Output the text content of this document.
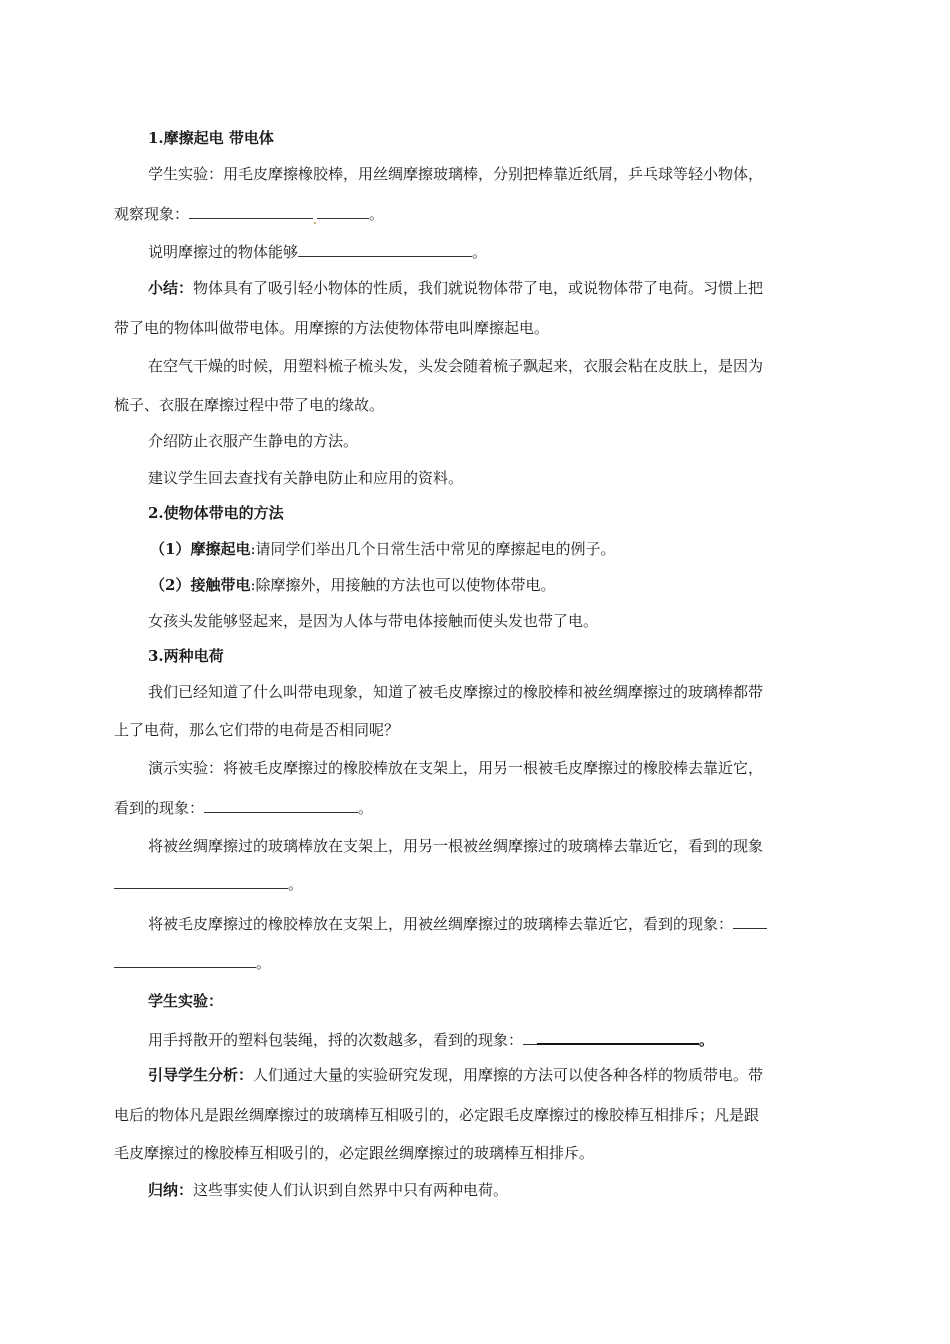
1.摩擦起电 带电体
学生实验：用毛皮摩擦橡胶棒，用丝绸摩擦玻璃棒，分别把棒靠近纸屑，乒乓球等轻小物体，
观察现象：	。
说明摩擦过的物体能够	。
小结：物体具有了吸引轻小物体的性质，我们就说物体带了电，或说物体带了电荷。习惯上把
带了电的物体叫做带电体。用摩擦的方法使物体带电叫摩擦起电。
在空气干燥的时候，用塑料梳子梳头发，头发会随着梳子飘起来，衣服会粘在皮肤上，是因为
梳子、衣服在摩擦过程中带了电的缘故。
介绍防止衣服产生静电的方法。
建议学生回去查找有关静电防止和应用的资料。
2.使物体带电的方法
（1）摩擦起电:请同学们举出几个日常生活中常见的摩擦起电的例子。
（2）接触带电:除摩擦外，用接触的方法也可以使物体带电。
女孩头发能够竖起来，是因为人体与带电体接触而使头发也带了电。
3.两种电荷
我们已经知道了什么叫带电现象，知道了被毛皮摩擦过的橡胶棒和被丝绸摩擦过的玻璃棒都带
上了电荷，那么它们带的电荷是否相同呢？
演示实验：将被毛皮摩擦过的橡胶棒放在支架上，用另一根被毛皮摩擦过的橡胶棒去靠近它，
看到的现象：	。
将被丝绸摩擦过的玻璃棒放在支架上，用另一根被丝绸摩擦过的玻璃棒去靠近它，看到的现象
。
将被毛皮摩擦过的橡胶棒放在支架上，用被丝绸摩擦过的玻璃棒去靠近它，看到的现象：
。
学生实验：
用手捋散开的塑料包装绳，捋的次数越多，看到的现象：	。
引导学生分析：人们通过大量的实验研究发现，用摩擦的方法可以使各种各样的物质带电。带
电后的物体凡是跟丝绸摩擦过的玻璃棒互相吸引的，必定跟毛皮摩擦过的橡胶棒互相排斥；凡是跟
毛皮摩擦过的橡胶棒互相吸引的，必定跟丝绸摩擦过的玻璃棒互相排斥。
归纳：这些事实使人们认识到自然界中只有两种电荷。
